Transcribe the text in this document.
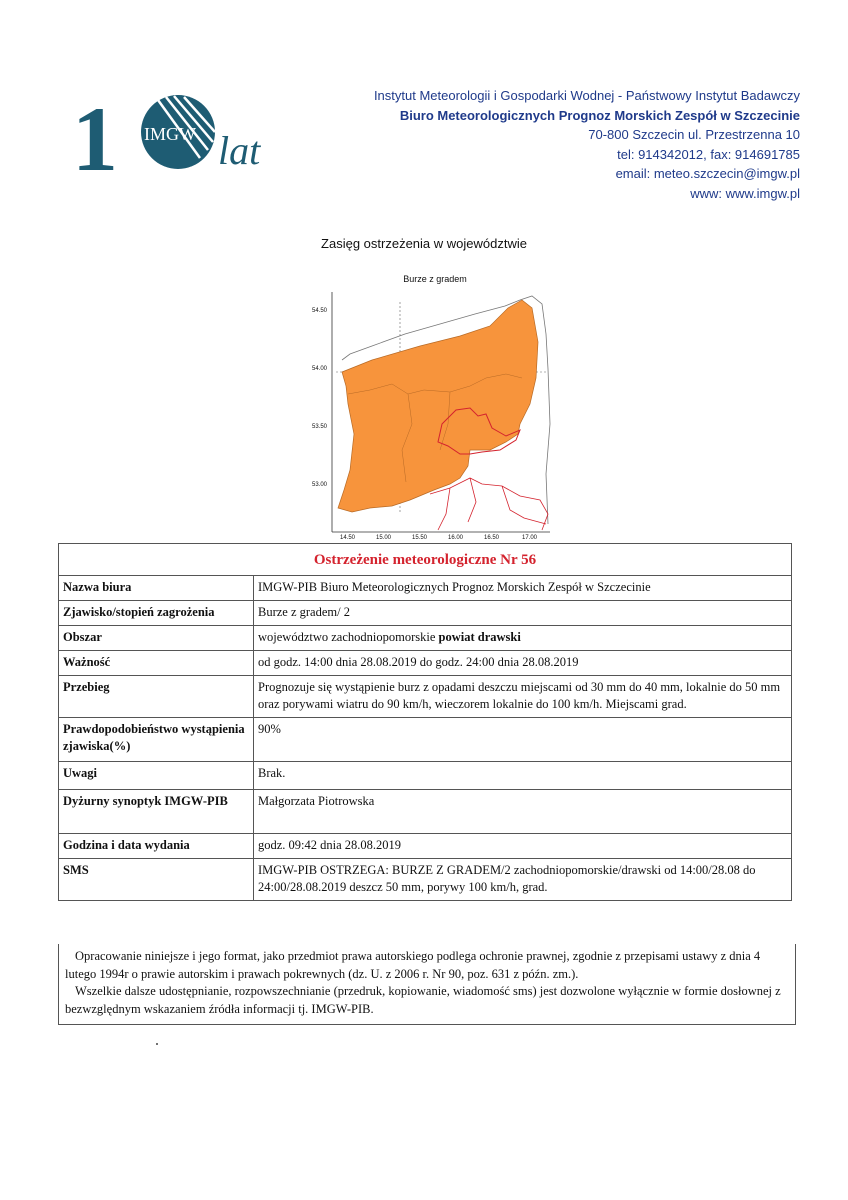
1 IMGW lat
Instytut Meteorologii i Gospodarki Wodnej - Państwowy Instytut Badawczy
Biuro Meteorologicznych Prognoz Morskich Zespół w Szczecinie
70-800 Szczecin ul. Przestrzenna 10
tel: 914342012, fax: 914691785
email: meteo.szczecin@imgw.pl
www: www.imgw.pl
Zasięg ostrzeżenia w województwie
Burze z gradem
54.50
54.00
53.50
53.00
14.50	15.00	15.50	16.00	16.50	17.00
Ostrzeżenie meteorologiczne Nr 56	
Nazwa biura	IMGW-PIB Biuro Meteorologicznych Prognoz Morskich Zespół w Szczecinie
Zjawisko/stopień zagrożenia	Burze z gradem/ 2
Obszar	województwo zachodniopomorskie powiat drawski
Ważność	od godz. 14:00 dnia 28.08.2019 do godz. 24:00 dnia 28.08.2019
Przebieg	Prognozuje się wystąpienie burz z opadami deszczu miejscami od 30 mm do 40 mm, lokalnie do 50 mm oraz porywami wiatru do 90 km/h, wieczorem lokalnie do 100 km/h. Miejscami grad.
Prawdopodobieństwo wystąpienia zjawiska(%)	90%
Uwagi	Brak.
Dyżurny synoptyk IMGW-PIB	Małgorzata Piotrowska
Godzina i data wydania	godz. 09:42 dnia 28.08.2019
SMS	IMGW-PIB OSTRZEGA: BURZE Z GRADEM/2 zachodniopomorskie/drawski od 14:00/28.08 do 24:00/28.08.2019 deszcz 50 mm, porywy 100 km/h, grad.
Opracowanie niniejsze i jego format, jako przedmiot prawa autorskiego podlega ochronie prawnej, zgodnie z przepisami ustawy z dnia 4 lutego 1994r o prawie autorskim i prawach pokrewnych (dz. U. z 2006 r. Nr 90, poz. 631 z późn. zm.).
Wszelkie dalsze udostępnianie, rozpowszechnianie (przedruk, kopiowanie, wiadomość sms) jest dozwolone wyłącznie w formie dosłownej z bezwzględnym wskazaniem źródła informacji tj. IMGW-PIB.
